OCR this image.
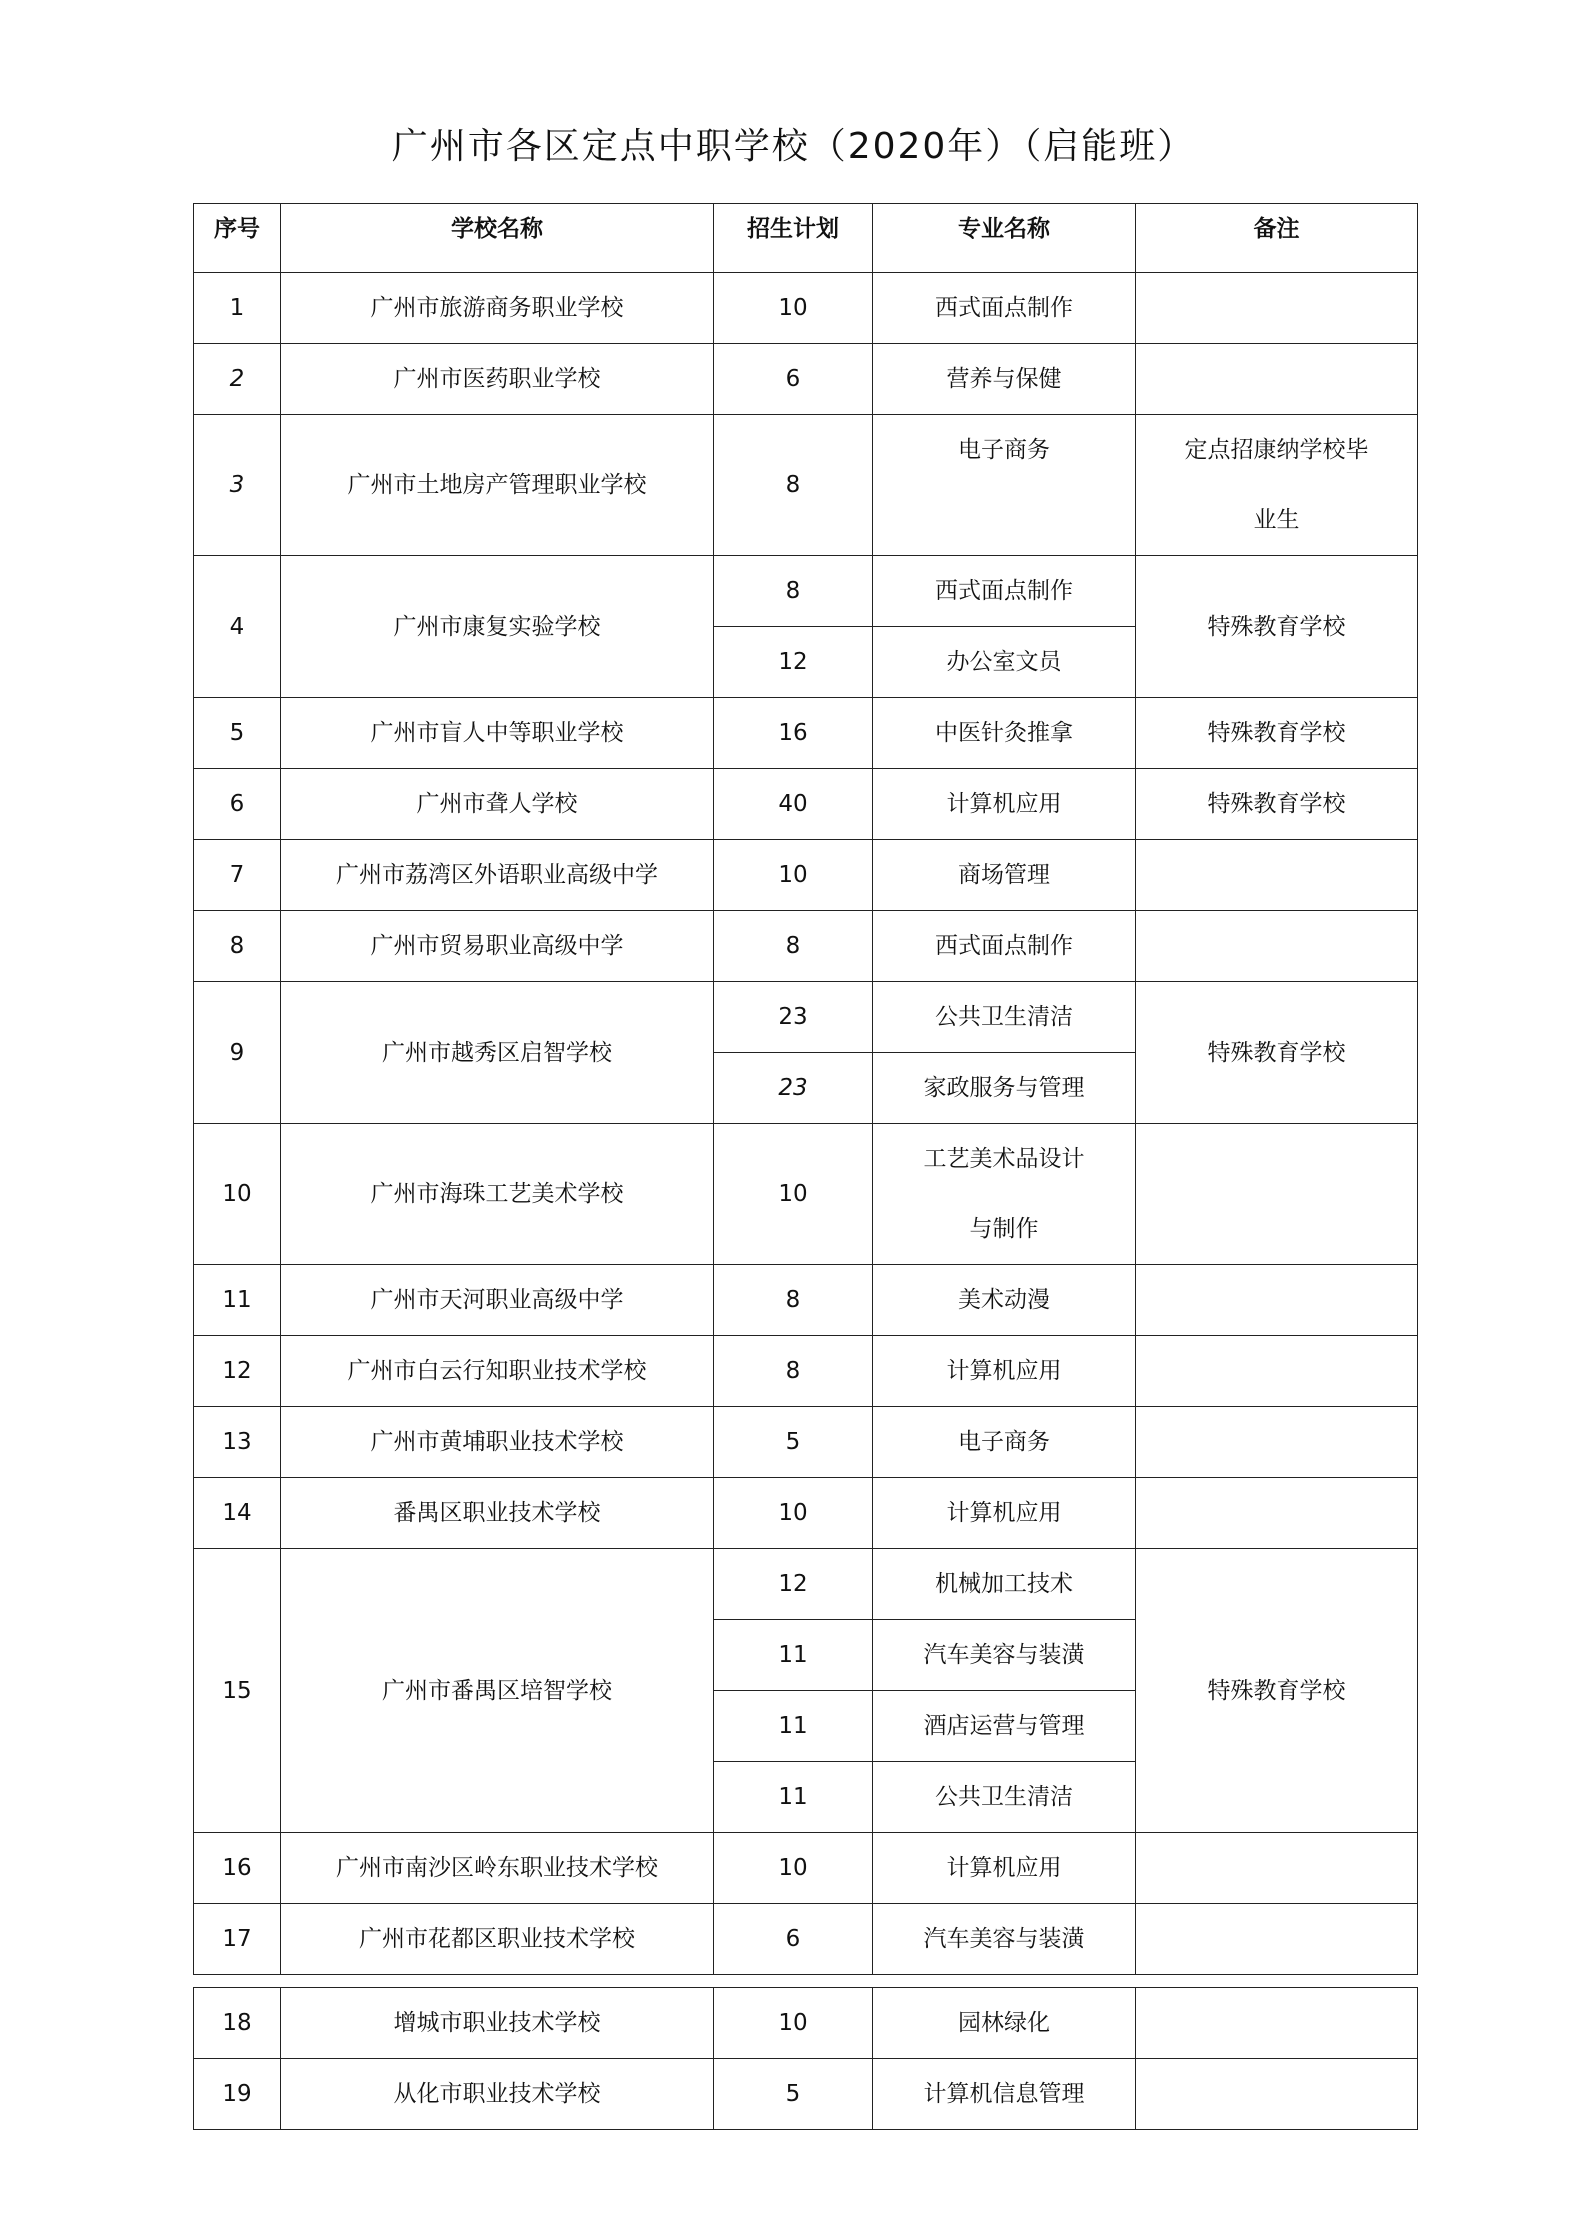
广州市各区定点中职学校（2020年）（启能班）
序号	学校名称	招生计划	专业名称	备注
1	广州市旅游商务职业学校	10	西式面点制作	
2	广州市医药职业学校	6	营养与保健	
3	广州市土地房产管理职业学校	8	电子商务	定点招康纳学校毕业生
4	广州市康复实验学校	8	西式面点制作	特殊教育学校
		12	办公室文员	
5	广州市盲人中等职业学校	16	中医针灸推拿	特殊教育学校
6	广州市聋人学校	40	计算机应用	特殊教育学校
7	广州市荔湾区外语职业高级中学	10	商场管理	
8	广州市贸易职业高级中学	8	西式面点制作	
9	广州市越秀区启智学校	23	公共卫生清洁	特殊教育学校
		23	家政服务与管理	
10	广州市海珠工艺美术学校	10	工艺美术品设计与制作	
11	广州市天河职业高级中学	8	美术动漫	
12	广州市白云行知职业技术学校	8	计算机应用	
13	广州市黄埔职业技术学校	5	电子商务	
14	番禺区职业技术学校	10	计算机应用	
15	广州市番禺区培智学校	12	机械加工技术	特殊教育学校
		11	汽车美容与装潢	
		11	酒店运营与管理	
		11	公共卫生清洁	
16	广州市南沙区岭东职业技术学校	10	计算机应用	
17	广州市花都区职业技术学校	6	汽车美容与装潢	
18	增城市职业技术学校	10	园林绿化	
19	从化市职业技术学校	5	计算机信息管理	
